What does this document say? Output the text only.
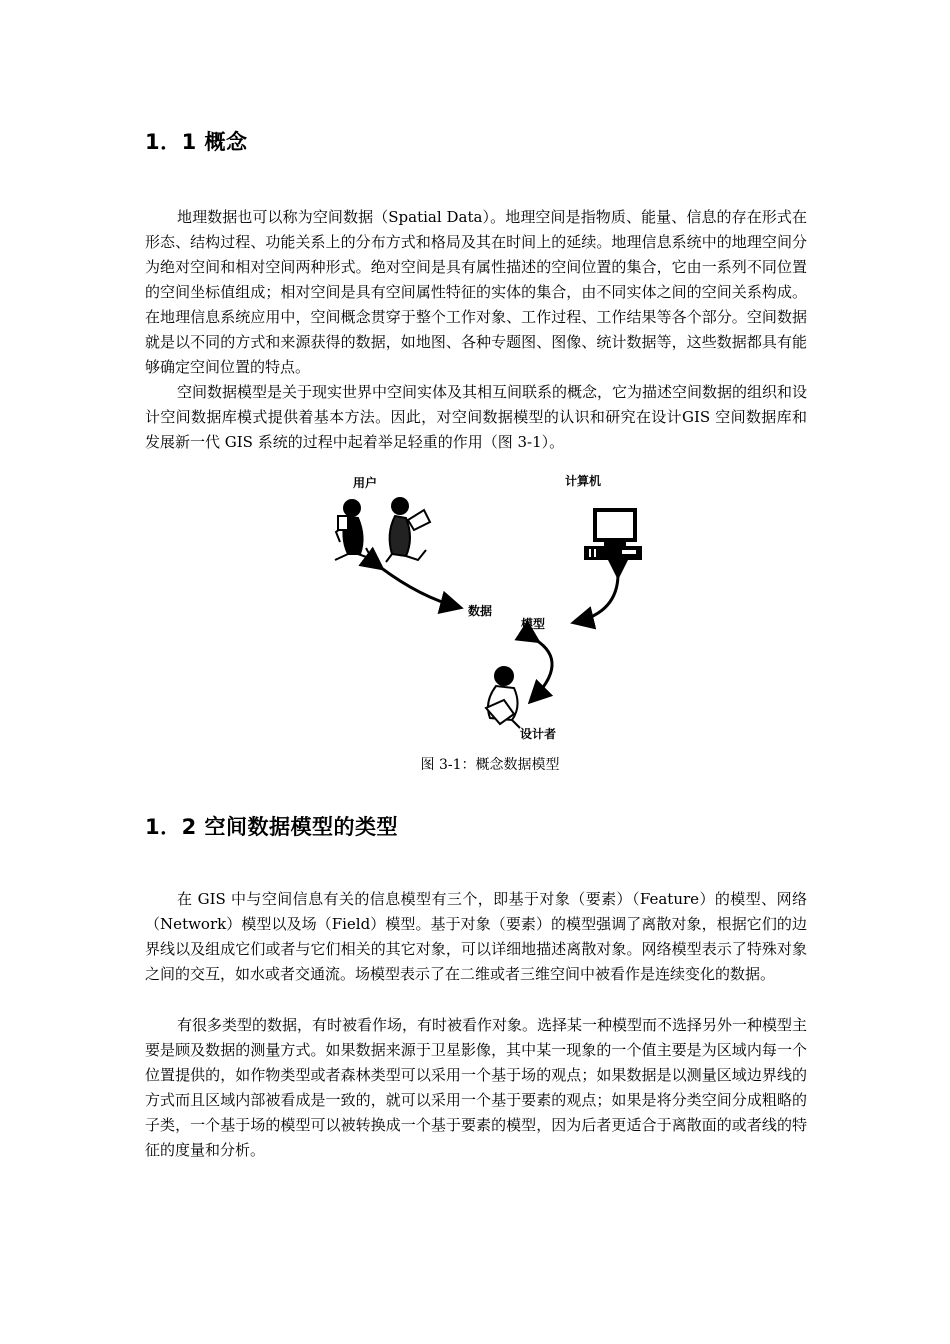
1．1 概念

地理数据也可以称为空间数据（Spatial Data）。地理空间是指物质、能量、信息的存在形式在形态、结构过程、功能关系上的分布方式和格局及其在时间上的延续。地理信息系统中的地理空间分为绝对空间和相对空间两种形式。绝对空间是具有属性描述的空间位置的集合，它由一系列不同位置的空间坐标值组成；相对空间是具有空间属性特征的实体的集合，由不同实体之间的空间关系构成。在地理信息系统应用中，空间概念贯穿于整个工作对象、工作过程、工作结果等各个部分。空间数据就是以不同的方式和来源获得的数据，如地图、各种专题图、图像、统计数据等，这些数据都具有能够确定空间位置的特点。

空间数据模型是关于现实世界中空间实体及其相互间联系的概念，它为描述空间数据的组织和设计空间数据库模式提供着基本方法。因此，对空间数据模型的认识和研究在设计GIS 空间数据库和发展新一代 GIS 系统的过程中起着举足轻重的作用（图 3-1）。

用户	计算机
数据
模型
设计者

图 3-1：概念数据模型

1．2 空间数据模型的类型

在 GIS 中与空间信息有关的信息模型有三个，即基于对象（要素）（Feature）的模型、网络（Network）模型以及场（Field）模型。基于对象（要素）的模型强调了离散对象，根据它们的边界线以及组成它们或者与它们相关的其它对象，可以详细地描述离散对象。网络模型表示了特殊对象之间的交互，如水或者交通流。场模型表示了在二维或者三维空间中被看作是连续变化的数据。

有很多类型的数据，有时被看作场，有时被看作对象。选择某一种模型而不选择另外一种模型主要是顾及数据的测量方式。如果数据来源于卫星影像，其中某一现象的一个值主要是为区域内每一个位置提供的，如作物类型或者森林类型可以采用一个基于场的观点；如果数据是以测量区域边界线的方式而且区域内部被看成是一致的，就可以采用一个基于要素的观点；如果是将分类空间分成粗略的子类，一个基于场的模型可以被转换成一个基于要素的模型，因为后者更适合于离散面的或者线的特征的度量和分析。
